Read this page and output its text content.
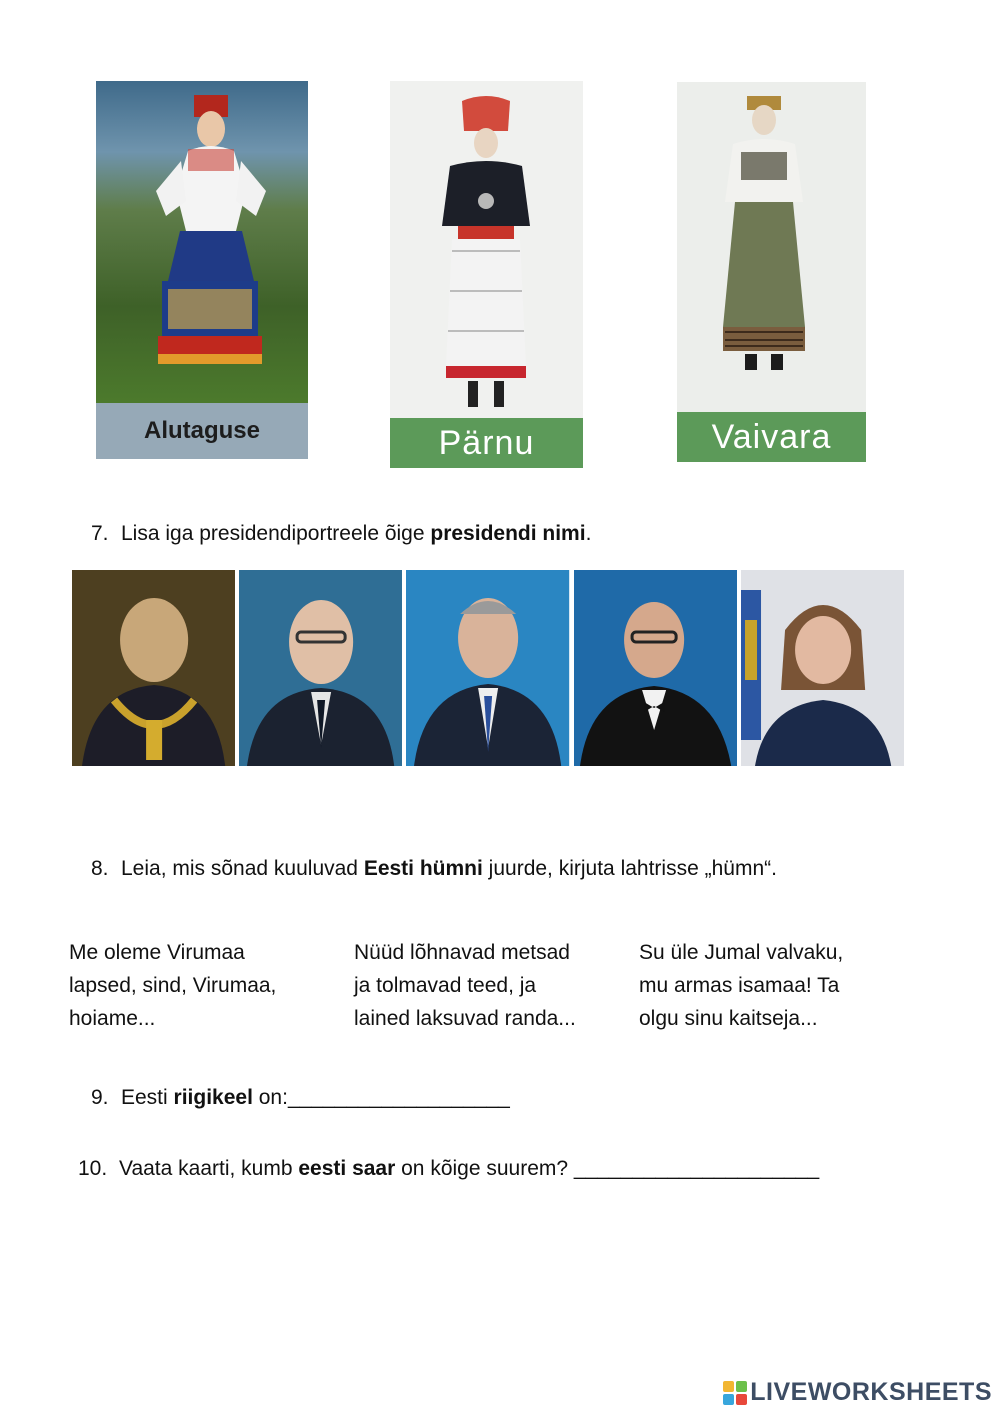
Alutaguse	Pärnu	Vaivara
7. Lisa iga presidendiportreele õige presidendi nimi.
8. Leia, mis sõnad kuuluvad Eesti hümni juurde, kirjuta lahtrisse „hümn“.
Me oleme Virumaa
lapsed, sind, Virumaa,
hoiame...
Nüüd lõhnavad metsad
ja tolmavad teed, ja
lained laksuvad randa...
Su üle Jumal valvaku,
mu armas isamaa! Ta
olgu sinu kaitseja...
9. Eesti riigikeel on:___________________
10. Vaata kaarti, kumb eesti saar on kõige suurem? _____________________
LIVEWORKSHEETS
